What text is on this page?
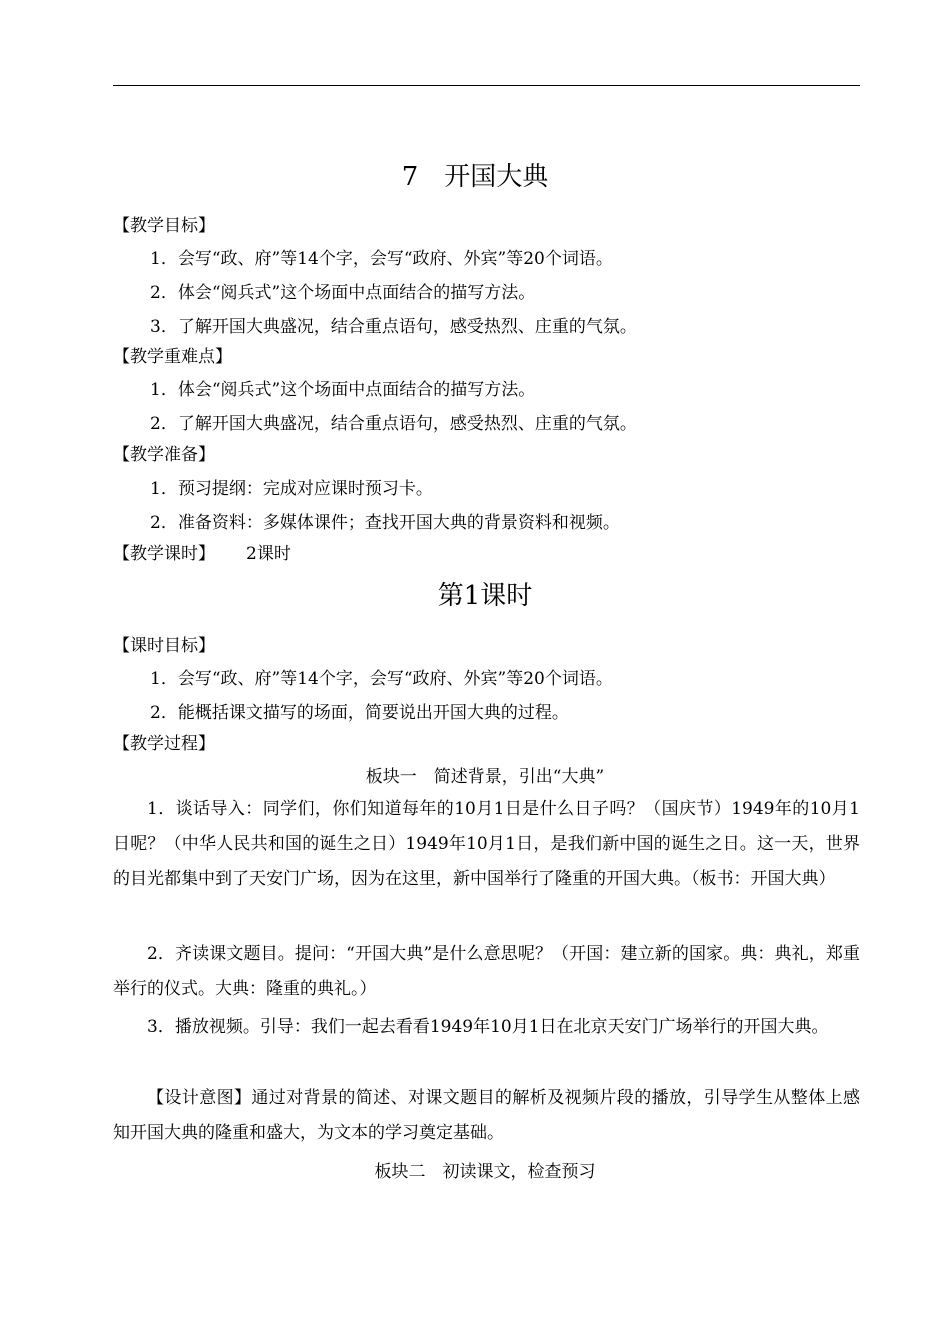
7　开国大典
【教学目标】
1．会写“政、府”等14个字，会写“政府、外宾”等20个词语。
2．体会“阅兵式”这个场面中点面结合的描写方法。
3．了解开国大典盛况，结合重点语句，感受热烈、庄重的气氛。
【教学重难点】
1．体会“阅兵式”这个场面中点面结合的描写方法。
2．了解开国大典盛况，结合重点语句，感受热烈、庄重的气氛。
【教学准备】
1．预习提纲：完成对应课时预习卡。
2．准备资料：多媒体课件；查找开国大典的背景资料和视频。
【教学课时】 2课时
第1课时
【课时目标】
1．会写“政、府”等14个字，会写“政府、外宾”等20个词语。
2．能概括课文描写的场面，简要说出开国大典的过程。
【教学过程】
板块一　简述背景，引出“大典”
1．谈话导入：同学们，你们知道每年的10月1日是什么日子吗？（国庆节）1949年的10月1日呢？（中华人民共和国的诞生之日）1949年10月1日，是我们新中国的诞生之日。这一天，世界的目光都集中到了天安门广场，因为在这里，新中国举行了隆重的开国大典。（板书：开国大典）
2．齐读课文题目。提问：“开国大典”是什么意思呢？（开国：建立新的国家。典：典礼，郑重举行的仪式。大典：隆重的典礼。）
3．播放视频。引导：我们一起去看看1949年10月1日在北京天安门广场举行的开国大典。
【设计意图】通过对背景的简述、对课文题目的解析及视频片段的播放，引导学生从整体上感知开国大典的隆重和盛大，为文本的学习奠定基础。
板块二　初读课文，检查预习
